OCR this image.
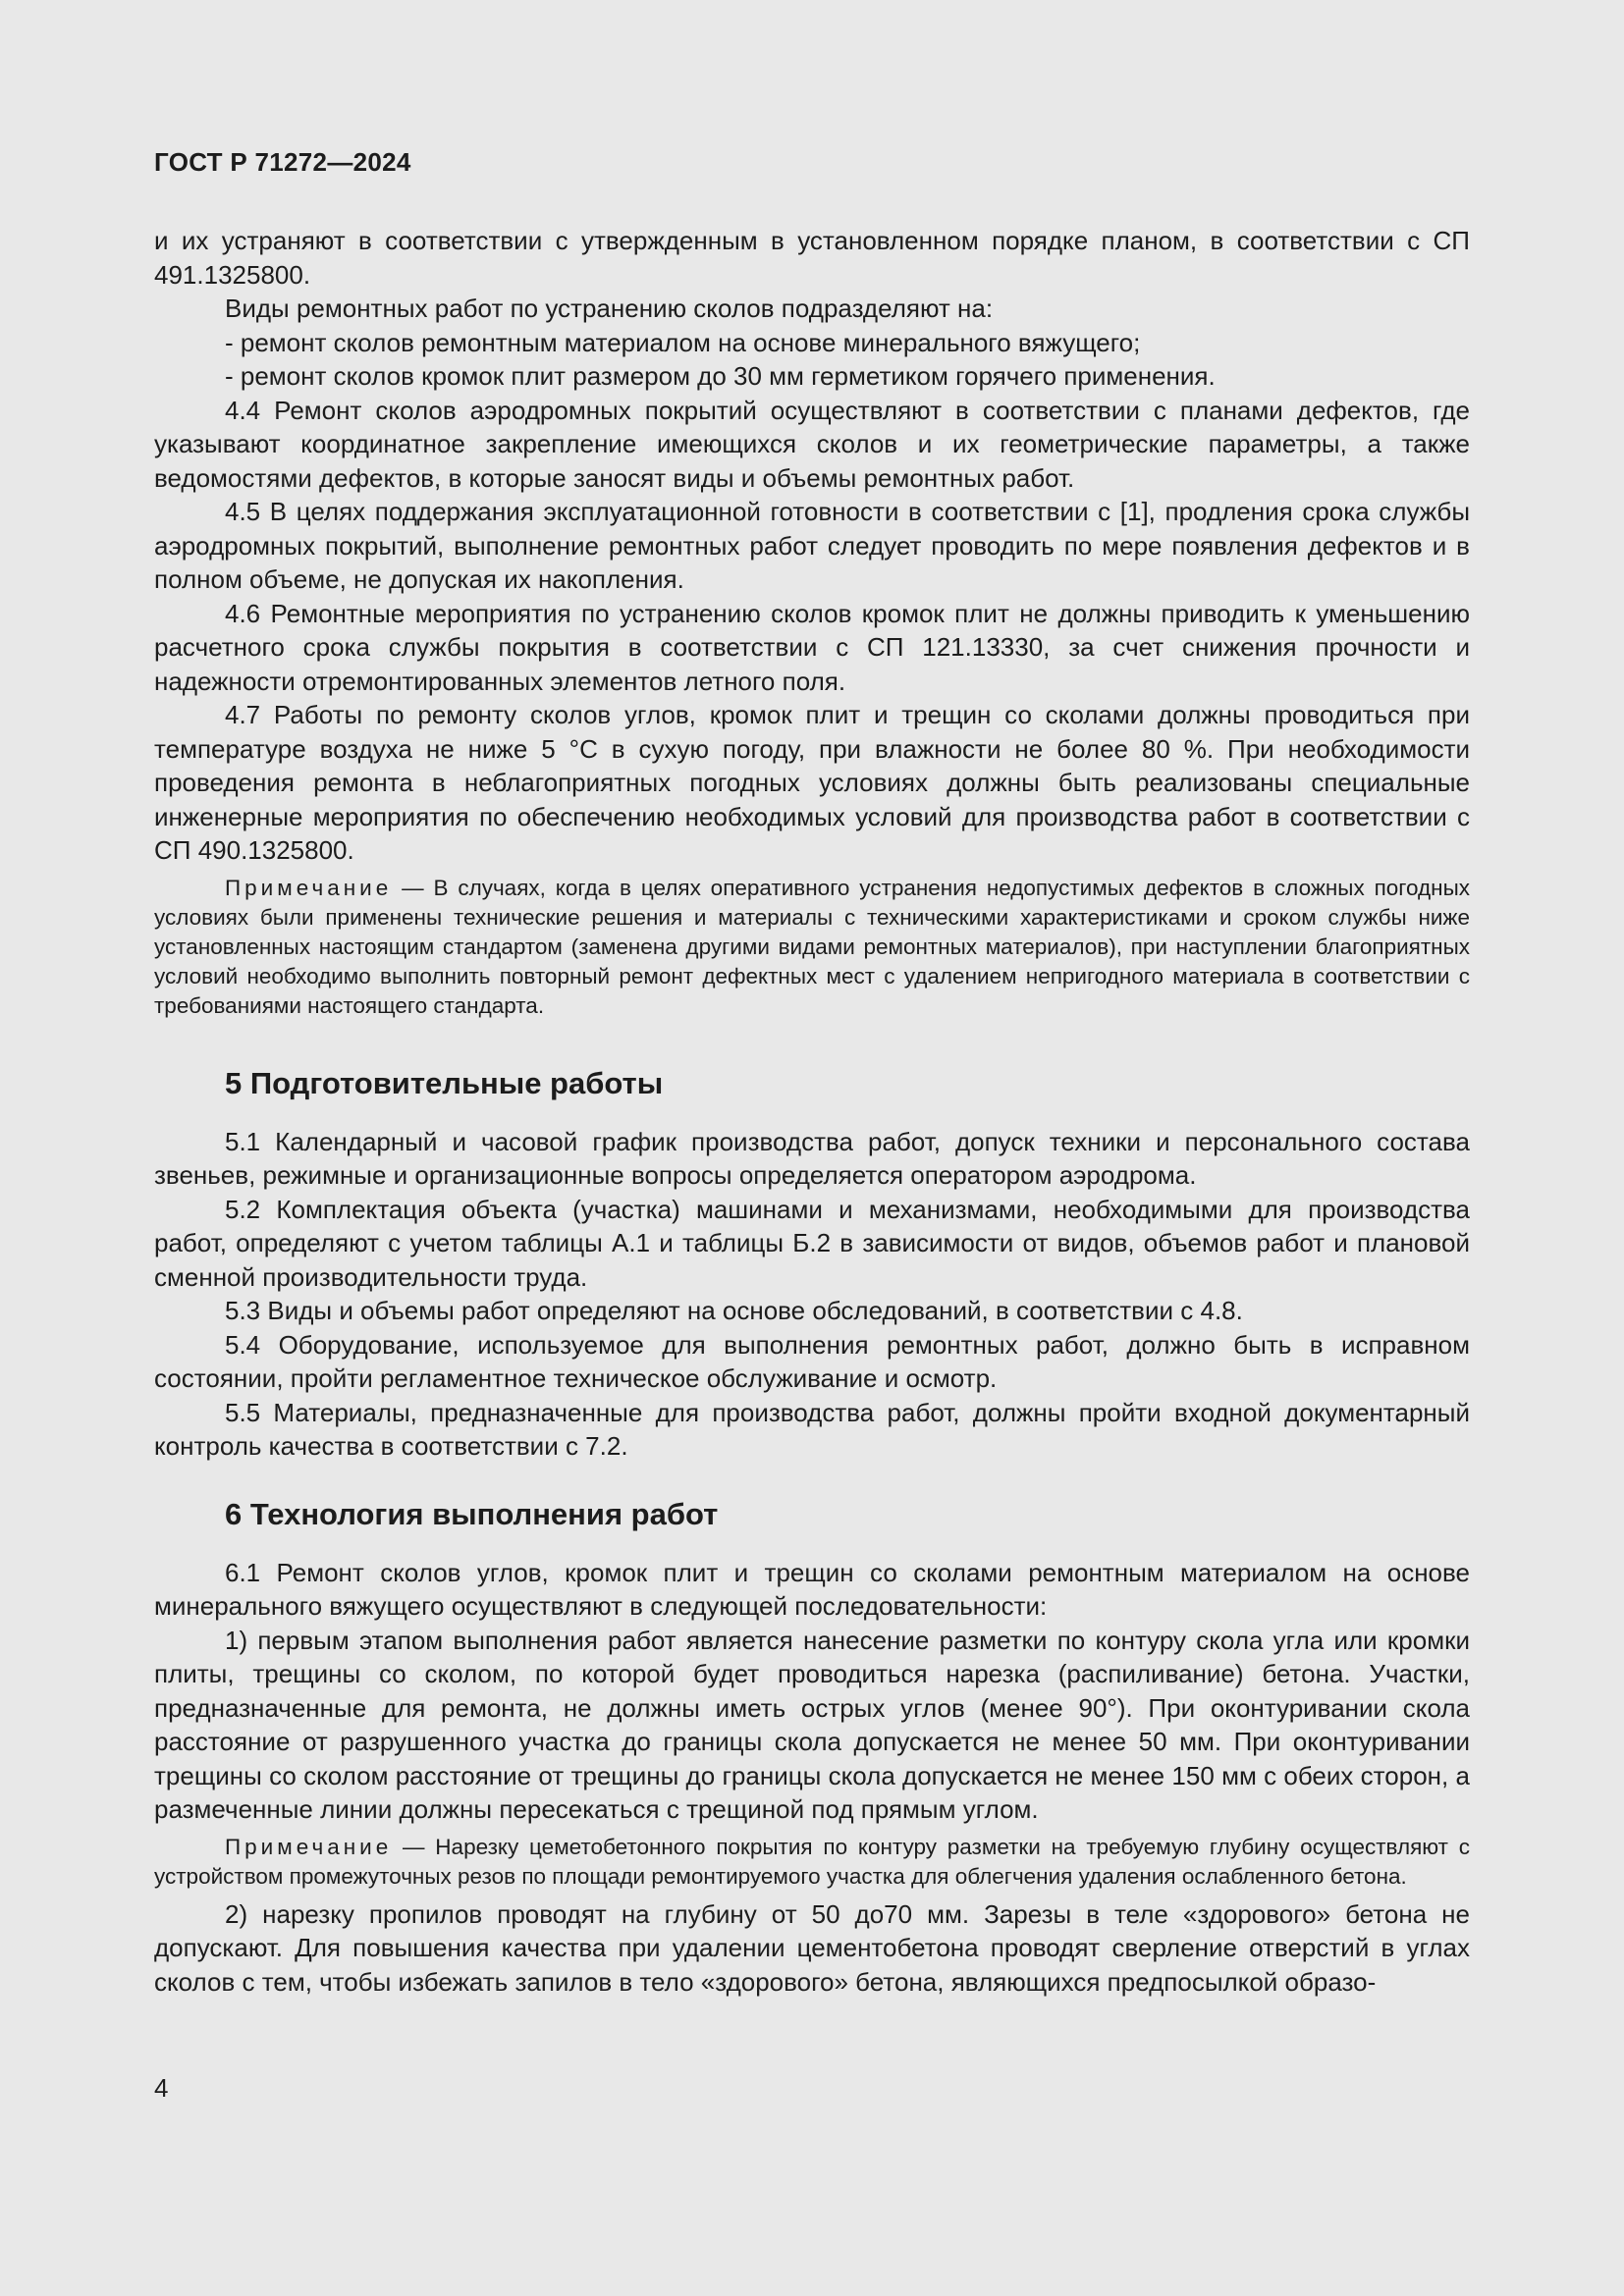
ГОСТ Р 71272—2024

и их устраняют в соответствии с утвержденным в установленном порядке планом, в соответствии с СП 491.1325800.

Виды ремонтных работ по устранению сколов подразделяют на:

- ремонт сколов ремонтным материалом на основе минерального вяжущего;

- ремонт сколов кромок плит размером до 30 мм герметиком горячего применения.

4.4 Ремонт сколов аэродромных покрытий осуществляют в соответствии с планами дефектов, где указывают координатное закрепление имеющихся сколов и их геометрические параметры, а также ведомостями дефектов, в которые заносят виды и объемы ремонтных работ.

4.5 В целях поддержания эксплуатационной готовности в соответствии с [1], продления срока службы аэродромных покрытий, выполнение ремонтных работ следует проводить по мере появления дефектов и в полном объеме, не допуская их накопления.

4.6 Ремонтные мероприятия по устранению сколов кромок плит не должны приводить к уменьшению расчетного срока службы покрытия в соответствии с СП 121.13330, за счет снижения прочности и надежности отремонтированных элементов летного поля.

4.7 Работы по ремонту сколов углов, кромок плит и трещин со сколами должны проводиться при температуре воздуха не ниже 5 °С в сухую погоду, при влажности не более 80 %. При необходимости проведения ремонта в неблагоприятных погодных условиях должны быть реализованы специальные инженерные мероприятия по обеспечению необходимых условий для производства работ в соответствии с СП 490.1325800.

Примечание — В случаях, когда в целях оперативного устранения недопустимых дефектов в сложных погодных условиях были применены технические решения и материалы с техническими характеристиками и сроком службы ниже установленных настоящим стандартом (заменена другими видами ремонтных материалов), при наступлении благоприятных условий необходимо выполнить повторный ремонт дефектных мест с удалением непригодного материала в соответствии с требованиями настоящего стандарта.

5 Подготовительные работы

5.1 Календарный и часовой график производства работ, допуск техники и персонального состава звеньев, режимные и организационные вопросы определяется оператором аэродрома.

5.2 Комплектация объекта (участка) машинами и механизмами, необходимыми для производства работ, определяют с учетом таблицы А.1 и таблицы Б.2 в зависимости от видов, объемов работ и плановой сменной производительности труда.

5.3 Виды и объемы работ определяют на основе обследований, в соответствии с 4.8.

5.4 Оборудование, используемое для выполнения ремонтных работ, должно быть в исправном состоянии, пройти регламентное техническое обслуживание и осмотр.

5.5 Материалы, предназначенные для производства работ, должны пройти входной документарный контроль качества в соответствии с 7.2.

6 Технология выполнения работ

6.1 Ремонт сколов углов, кромок плит и трещин со сколами ремонтным материалом на основе минерального вяжущего осуществляют в следующей последовательности:

1) первым этапом выполнения работ является нанесение разметки по контуру скола угла или кромки плиты, трещины со сколом, по которой будет проводиться нарезка (распиливание) бетона. Участки, предназначенные для ремонта, не должны иметь острых углов (менее 90°). При оконтуривании скола расстояние от разрушенного участка до границы скола допускается не менее 50 мм. При оконтуривании трещины со сколом расстояние от трещины до границы скола допускается не менее 150 мм с обеих сторон, а размеченные линии должны пересекаться с трещиной под прямым углом.

Примечание — Нарезку цеметобетонного покрытия по контуру разметки на требуемую глубину осуществляют с устройством промежуточных резов по площади ремонтируемого участка для облегчения удаления ослабленного бетона.

2) нарезку пропилов проводят на глубину от 50 до70 мм. Зарезы в теле «здорового» бетона не допускают. Для повышения качества при удалении цементобетона проводят сверление отверстий в углах сколов с тем, чтобы избежать запилов в тело «здорового» бетона, являющихся предпосылкой образо-

4
